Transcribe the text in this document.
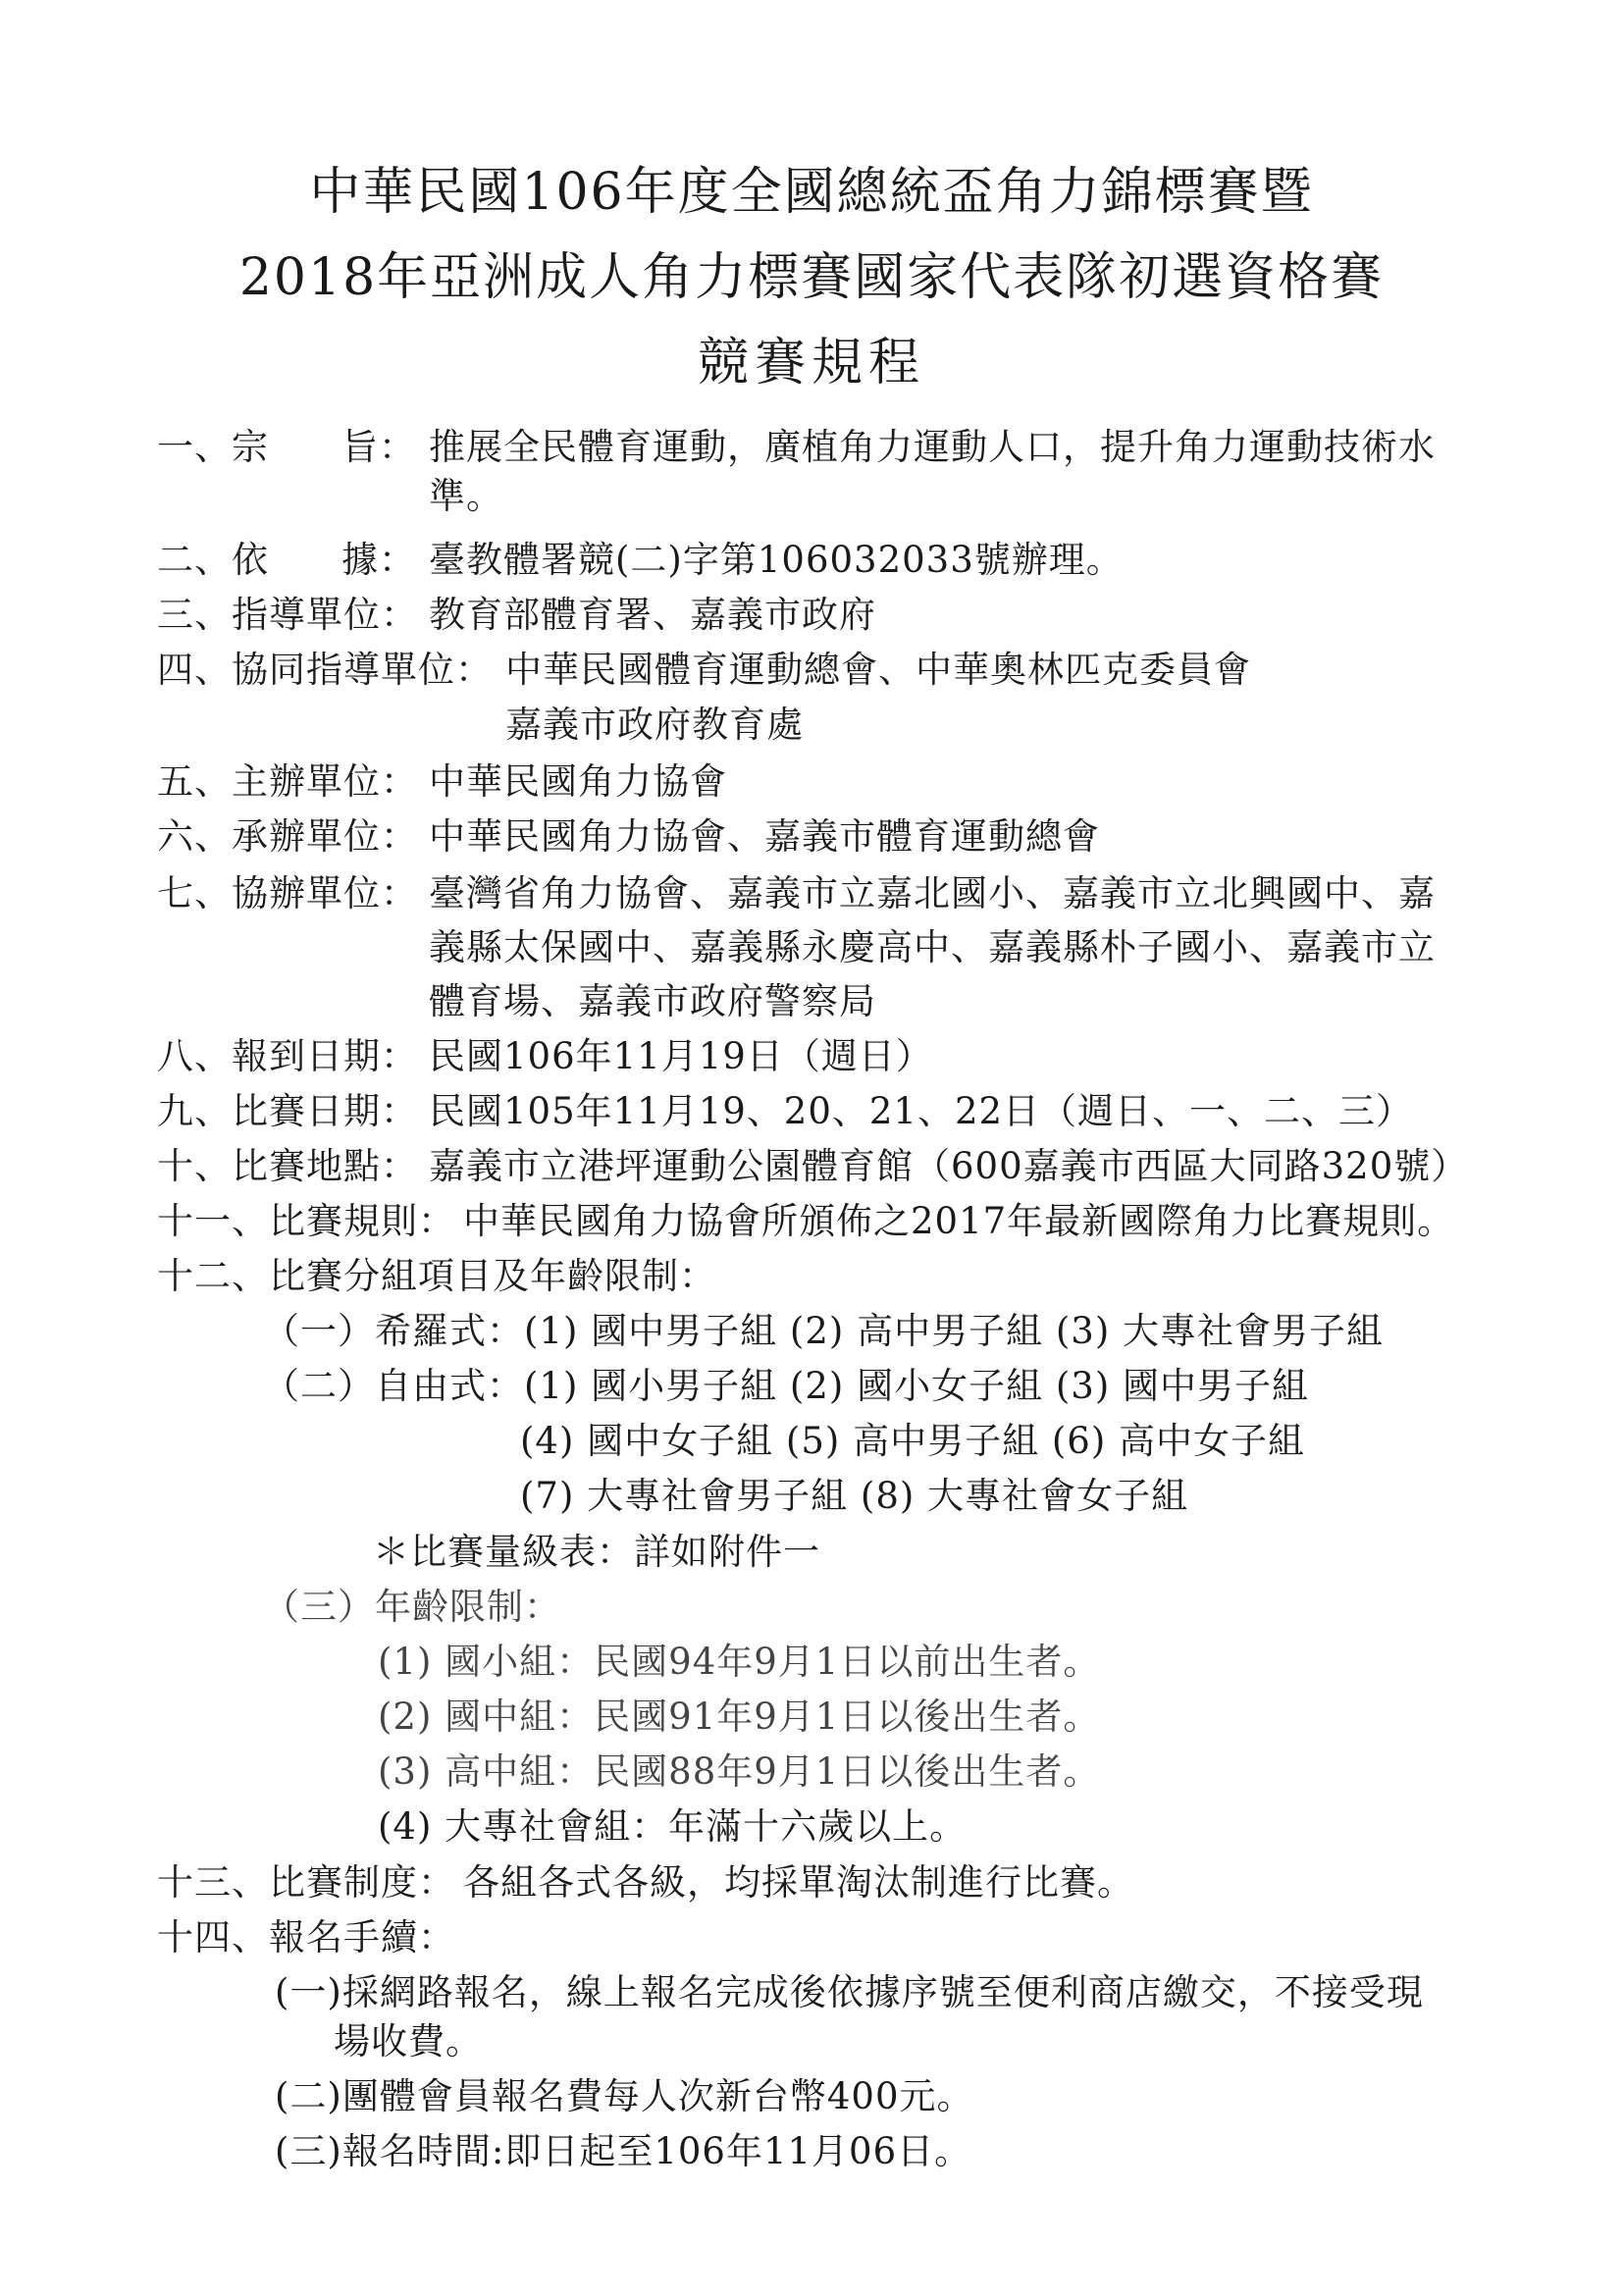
中華民國106年度全國總統盃角力錦標賽暨
2018年亞洲成人角力標賽國家代表隊初選資格賽
競賽規程
一、宗 旨： 推展全民體育運動，廣植角力運動人口，提升角力運動技術水
準。
二、依 據： 臺教體署競(二)字第106032033號辦理。
三、指導單位： 教育部體育署、嘉義市政府
四、協同指導單位： 中華民國體育運動總會、中華奧林匹克委員會
嘉義市政府教育處
五、主辦單位： 中華民國角力協會
六、承辦單位： 中華民國角力協會、嘉義市體育運動總會
七、協辦單位： 臺灣省角力協會、嘉義市立嘉北國小、嘉義市立北興國中、嘉
義縣太保國中、嘉義縣永慶高中、嘉義縣朴子國小、嘉義市立
體育場、嘉義市政府警察局
八、報到日期： 民國106年11月19日（週日）
九、比賽日期： 民國105年11月19、20、21、22日（週日、一、二、三）
十、比賽地點： 嘉義市立港坪運動公園體育館（600嘉義市西區大同路320號）
十一、比賽規則： 中華民國角力協會所頒佈之2017年最新國際角力比賽規則。
十二、比賽分組項目及年齡限制：
（一）希羅式：(1) 國中男子組 (2) 高中男子組 (3) 大專社會男子組
（二）自由式：(1) 國小男子組 (2) 國小女子組 (3) 國中男子組
(4) 國中女子組 (5) 高中男子組 (6) 高中女子組
(7) 大專社會男子組 (8) 大專社會女子組
＊比賽量級表：詳如附件一
（三）年齡限制：
(1) 國小組：民國94年9月1日以前出生者。
(2) 國中組：民國91年9月1日以後出生者。
(3) 高中組：民國88年9月1日以後出生者。
(4) 大專社會組：年滿十六歲以上。
十三、比賽制度： 各組各式各級，均採單淘汰制進行比賽。
十四、報名手續：
(一)採網路報名，線上報名完成後依據序號至便利商店繳交，不接受現
場收費。
(二)團體會員報名費每人次新台幣400元。
(三)報名時間:即日起至106年11月06日。
